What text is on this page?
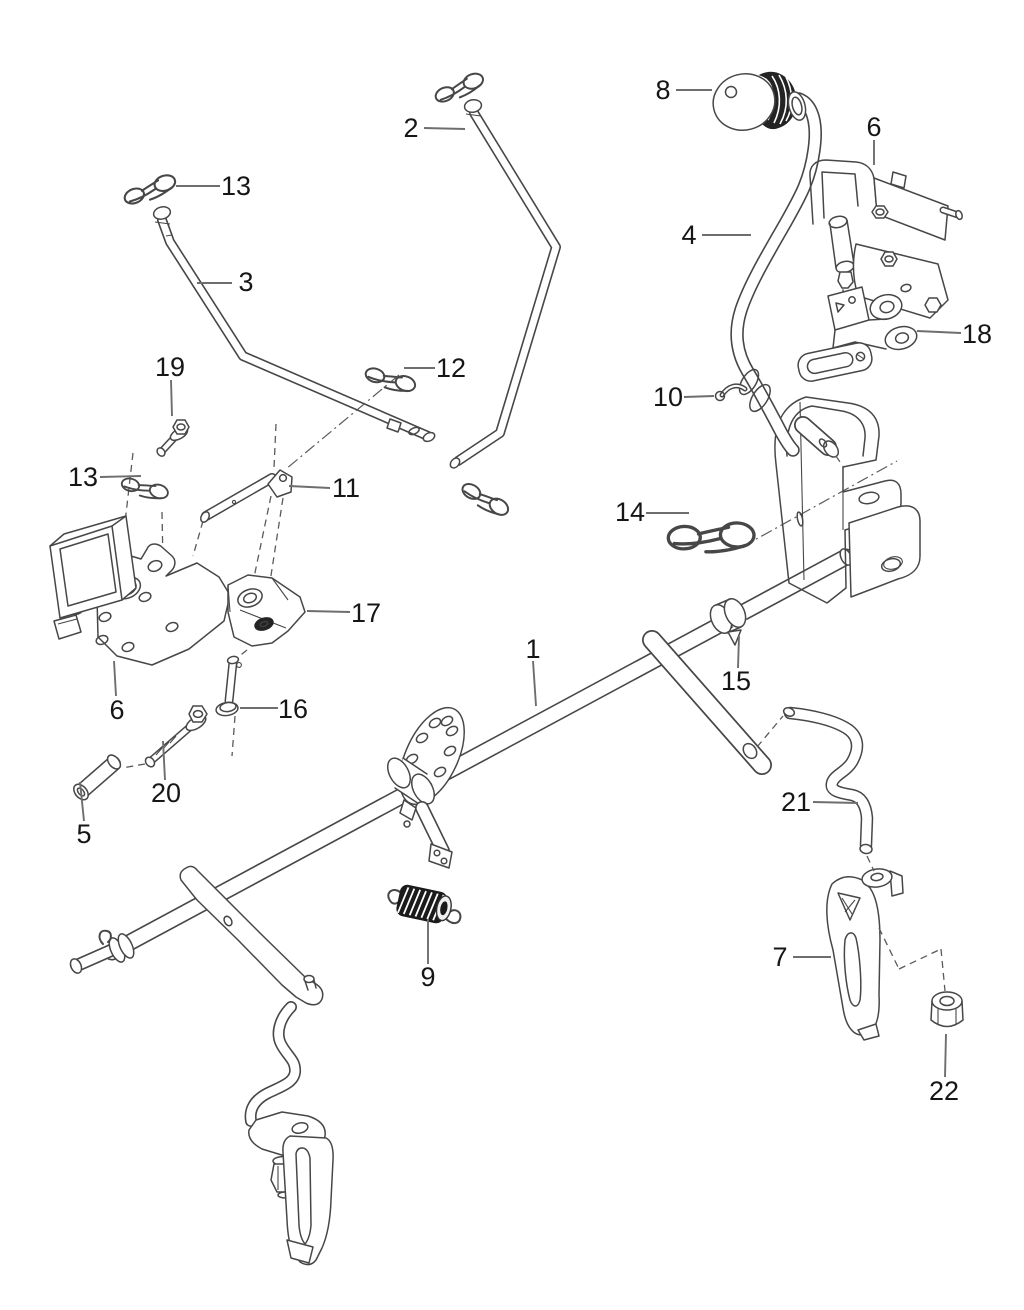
1
2
3
4
5
6
6
7
8
9
10
11
12
13
13
14
15
16
17
18
19
20	21
22
